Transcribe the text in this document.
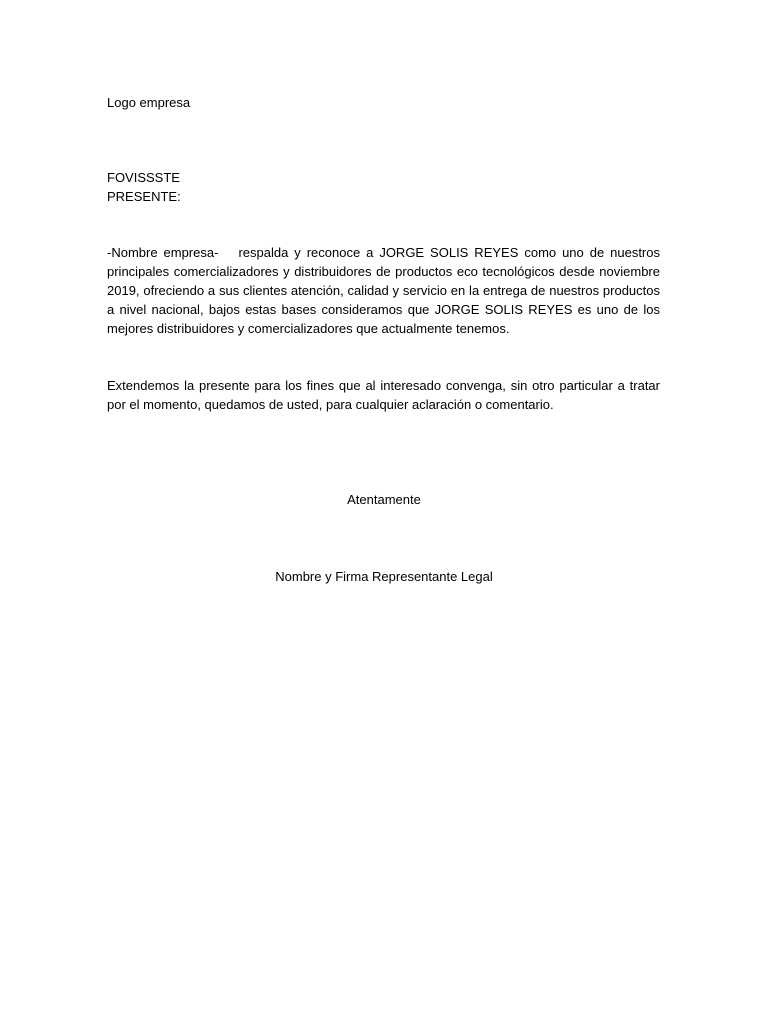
Logo empresa

FOVISSSTE
PRESENTE:

-Nombre empresa- respalda y reconoce a JORGE SOLIS REYES como uno de nuestros principales comercializadores y distribuidores de productos eco tecnológicos desde noviembre 2019, ofreciendo a sus clientes atención, calidad y servicio en la entrega de nuestros productos a nivel nacional, bajos estas bases consideramos que JORGE SOLIS REYES es uno de los mejores distribuidores y comercializadores que actualmente tenemos.

Extendemos la presente para los fines que al interesado convenga, sin otro particular a tratar por el momento, quedamos de usted, para cualquier aclaración o comentario.

Atentamente

Nombre y Firma Representante Legal
